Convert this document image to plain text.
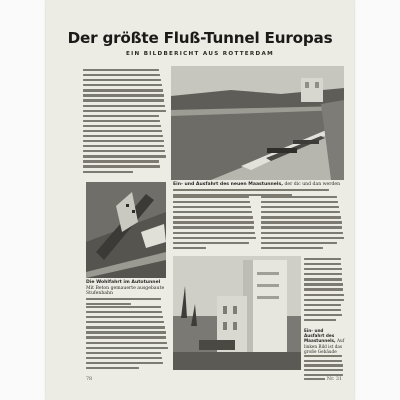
Der größte Fluß-Tunnel Europas
EIN BILDBERICHT AUS ROTTERDAM
Ein- und Ausfahrt des neuen Maastunnels, der dic und dan werden
Die Wohlfahrt im Autotunnel Mit Beton gemauerte ausgebaute Stufenbahn
Ein- und Ausfahrt des Maastunnels, Auf linken Bild ist das große Gebäude
78	Nr. 31
